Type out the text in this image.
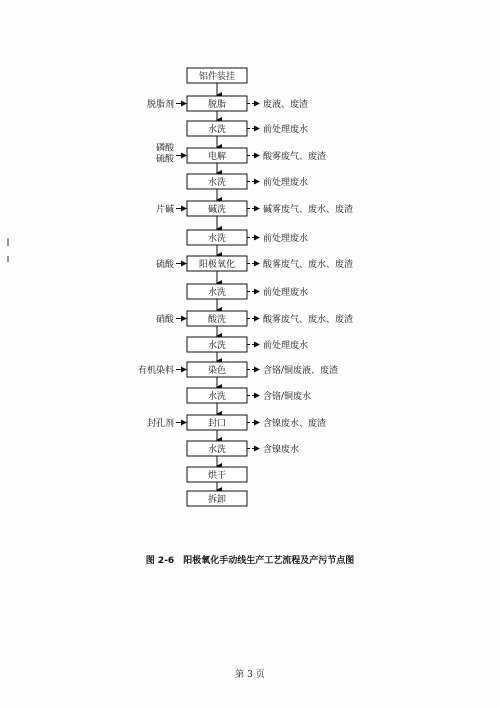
铝件装挂
脱脂
脱脂剂	废液、废渣
水洗	前处理废水
电解
磷酸硫酸	酸雾废气、废渣
水洗	前处理废水
碱洗
片碱	碱雾废气、废水、废渣
水洗	前处理废水
阳极氧化
硫酸	酸雾废气、废水、废渣
水洗	前处理废水
酸洗
硝酸	酸雾废气、废水、废渣
水洗	前处理废水
染色
有机染料	含铬/铜废液、废渣
水洗	含铬/铜废水
封口
封孔剂	含镍废水、废渣
水洗	含镍废水
烘干
拆卸
图 2-6　阳极氧化手动线生产工艺流程及产污节点图
第 3 页
